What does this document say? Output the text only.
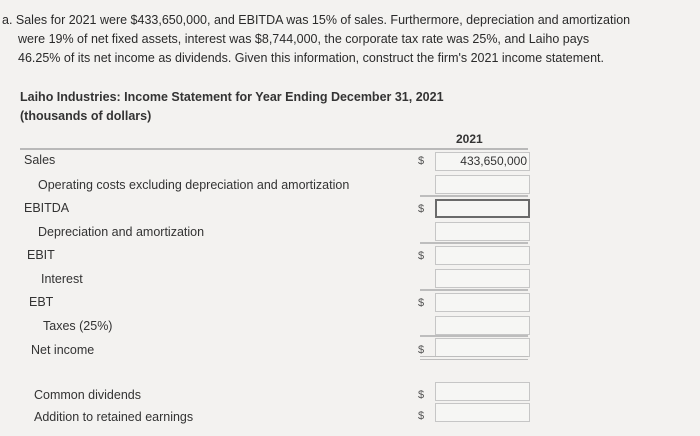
a. Sales for 2021 were $433,650,000, and EBITDA was 15% of sales. Furthermore, depreciation and amortization
were 19% of net fixed assets, interest was $8,744,000, the corporate tax rate was 25%, and Laiho pays
46.25% of its net income as dividends. Given this information, construct the firm's 2021 income statement.
Laiho Industries: Income Statement for Year Ending December 31, 2021
(thousands of dollars)
2021
Sales	$	433,650,000
Operating costs excluding depreciation and amortization
EBITDA	$
Depreciation and amortization
EBIT	$
Interest
EBT	$
Taxes (25%)
Net income	$
Common dividends	$
Addition to retained earnings	$
